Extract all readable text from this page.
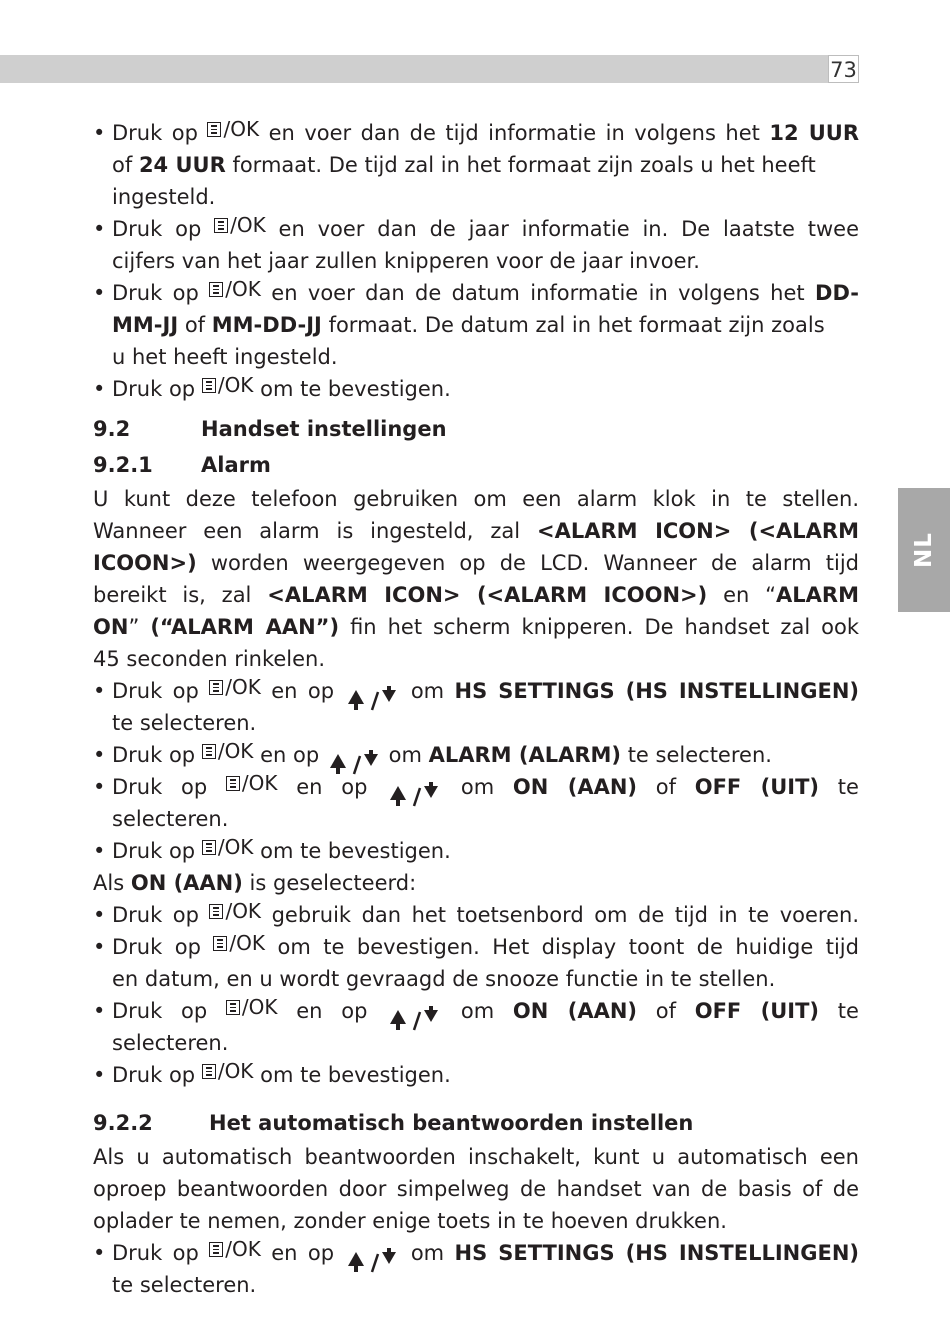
73
NL
• Druk op /OK en voer dan de tijd informatie in volgens het 12 UUR
of 24 UUR formaat. De tijd zal in het formaat zijn zoals u het heeft
ingesteld.
• Druk op /OK en voer dan de jaar informatie in. De laatste twee
cijfers van het jaar zullen knipperen voor de jaar invoer.
• Druk op /OK en voer dan de datum informatie in volgens het DD-
MM-JJ of MM-DD-JJ formaat. De datum zal in het formaat zijn zoals
u het heeft ingesteld.
• Druk op /OK om te bevestigen.
9.2	Handset instellingen
9.2.1 Alarm
U kunt deze telefoon gebruiken om een alarm klok in te stellen.
Wanneer een alarm is ingesteld, zal <ALARM ICON> (<ALARM
ICOON>) worden weergegeven op de LCD. Wanneer de alarm tijd
bereikt is, zal <ALARM ICON> (<ALARM ICOON>) en “ALARM
ON” (“ALARM AAN”) fin het scherm knipperen. De handset zal ook
45 seconden rinkelen.
• Druk op /OK en op	om HS SETTINGS (HS INSTELLINGEN)
te selecteren.
• Druk op /OK en op	om ALARM (ALARM) te selecteren.
• Druk op /OK en op	om ON (AAN) of OFF (UIT) te
selecteren.
• Druk op /OK om te bevestigen.
Als ON (AAN) is geselecteerd:
• Druk op /OK gebruik dan het toetsenbord om de tijd in te voeren.
• Druk op /OK om te bevestigen. Het display toont de huidige tijd
en datum, en u wordt gevraagd de snooze functie in te stellen.
• Druk op /OK en op	om ON (AAN) of OFF (UIT) te
selecteren.
• Druk op /OK om te bevestigen.
9.2.2	Het automatisch beantwoorden instellen
Als u automatisch beantwoorden inschakelt, kunt u automatisch een
oproep beantwoorden door simpelweg de handset van de basis of de
oplader te nemen, zonder enige toets in te hoeven drukken.
• Druk op /OK en op	om HS SETTINGS (HS INSTELLINGEN)
te selecteren.
